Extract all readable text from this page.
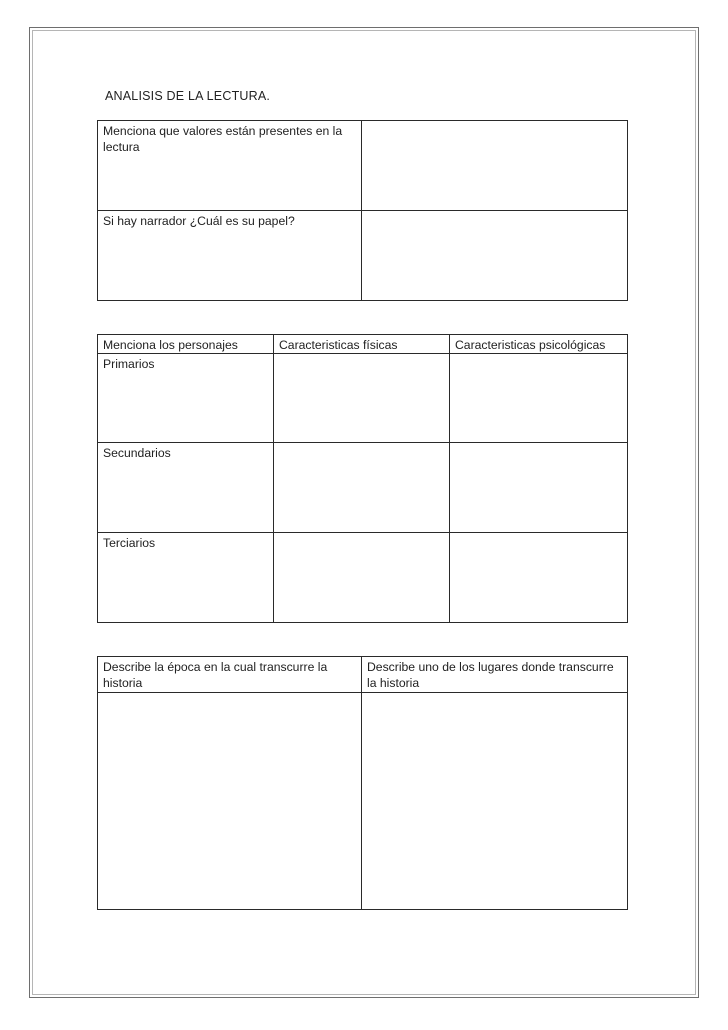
ANALISIS DE LA LECTURA.
Menciona que valores están presentes en la lectura	
Si hay narrador ¿Cuál es su papel?	
Menciona los personajes	Caracteristicas físicas	Caracteristicas psicológicas
Primarios		
Secundarios		
Terciarios		
Describe la época en la cual transcurre la historia	Describe uno de los lugares donde transcurre la historia
